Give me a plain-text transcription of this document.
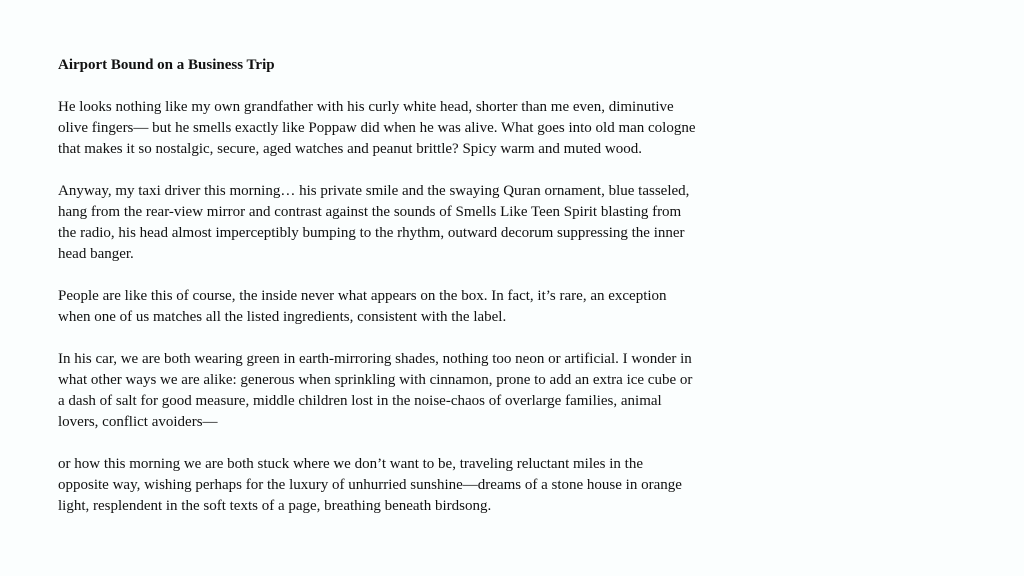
Airport Bound on a Business Trip
He looks nothing like my own grandfather with his curly white head, shorter than me even, diminutive
olive fingers— but he smells exactly like Poppaw did when he was alive. What goes into old man cologne
that makes it so nostalgic, secure, aged watches and peanut brittle? Spicy warm and muted wood.
Anyway, my taxi driver this morning… his private smile and the swaying Quran ornament, blue tasseled,
hang from the rear-view mirror and contrast against the sounds of Smells Like Teen Spirit blasting from
the radio, his head almost imperceptibly bumping to the rhythm, outward decorum suppressing the inner
head banger.
People are like this of course, the inside never what appears on the box. In fact, it’s rare, an exception
when one of us matches all the listed ingredients, consistent with the label.
In his car, we are both wearing green in earth-mirroring shades, nothing too neon or artificial. I wonder in
what other ways we are alike: generous when sprinkling with cinnamon, prone to add an extra ice cube or
a dash of salt for good measure, middle children lost in the noise-chaos of overlarge families, animal
lovers, conflict avoiders—
or how this morning we are both stuck where we don’t want to be, traveling reluctant miles in the
opposite way, wishing perhaps for the luxury of unhurried sunshine—dreams of a stone house in orange
light, resplendent in the soft texts of a page, breathing beneath birdsong.
